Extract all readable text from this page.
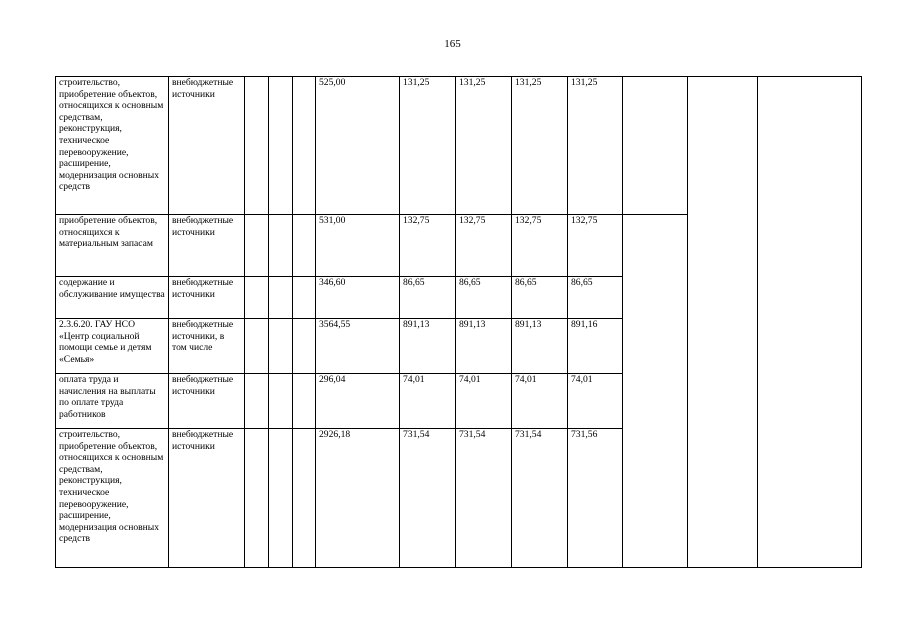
165
строительство, приобретение объектов, относящихся к основным средствам, реконструкция, техническое перевооружение, расширение, модернизация основных средств	внебюджетные источники				525,00	131,25	131,25	131,25	131,25			
приобретение объектов, относящихся к материальным запасам	внебюджетные источники				531,00	132,75	132,75	132,75	132,75			
содержание и обслуживание имущества	внебюджетные источники				346,60	86,65	86,65	86,65	86,65			
2.3.6.20. ГАУ НСО «Центр социальной помощи семье и детям «Семья»	внебюджетные источники, в том числе				3564,55	891,13	891,13	891,13	891,16			
оплата труда и начисления на выплаты по оплате труда работников	внебюджетные источники				296,04	74,01	74,01	74,01	74,01			
строительство, приобретение объектов, относящихся к основным средствам, реконструкция, техническое перевооружение, расширение, модернизация основных средств	внебюджетные источники				2926,18	731,54	731,54	731,54	731,56			
